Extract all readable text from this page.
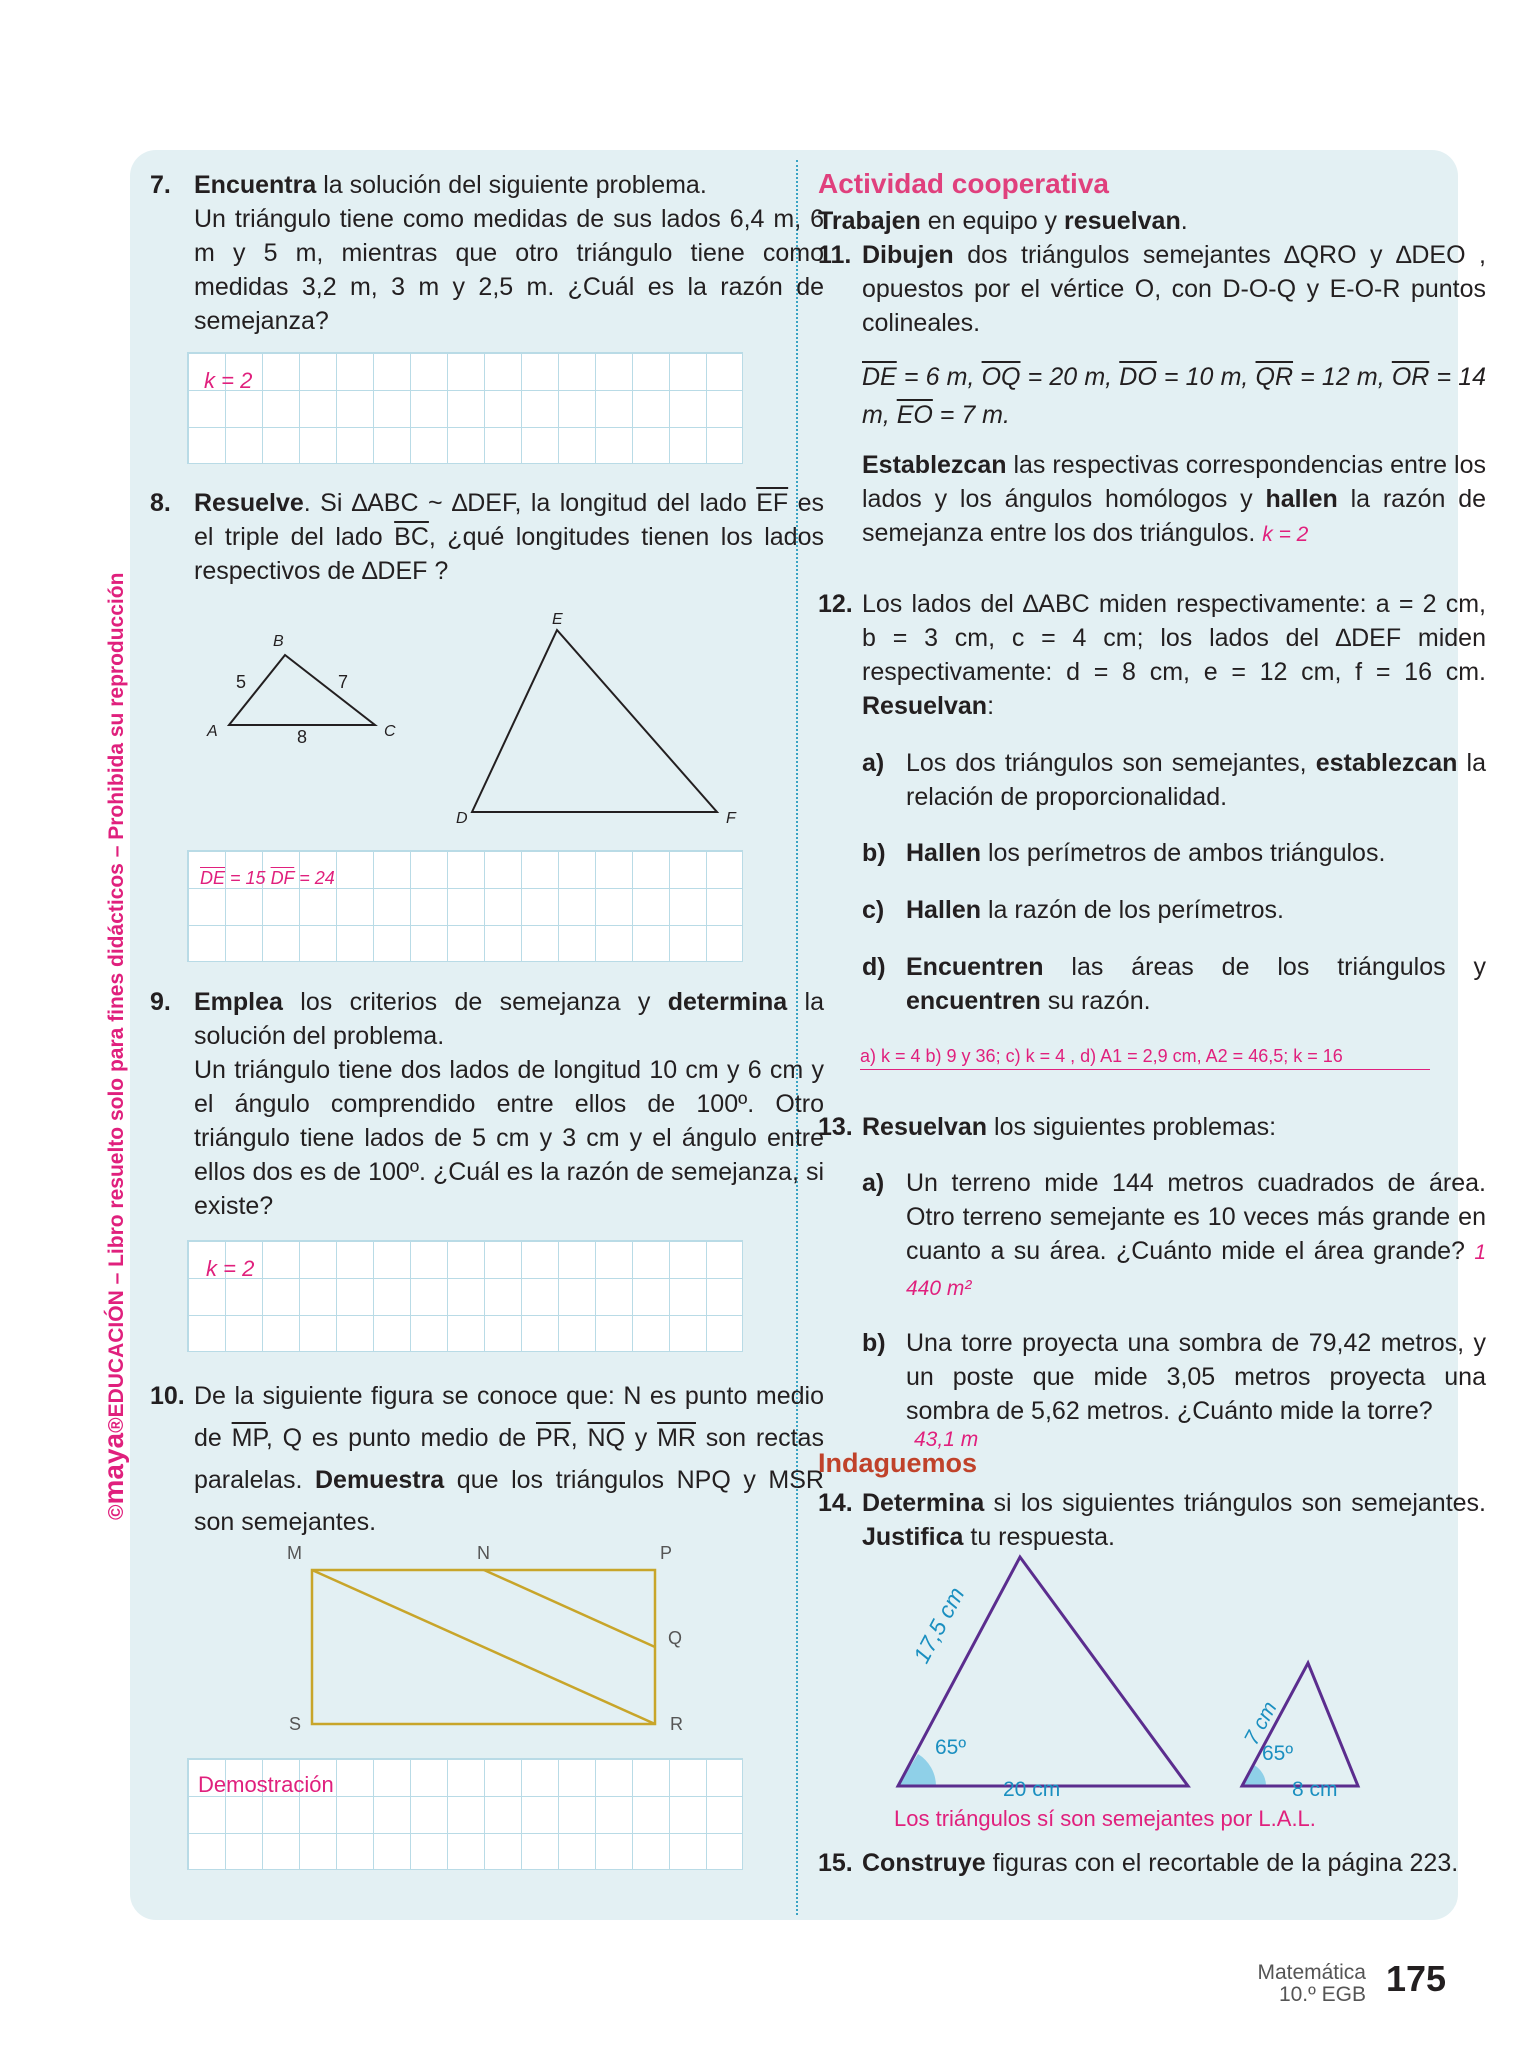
©maya®EDUCACIÓN – Libro resuelto solo para fines didácticos – Prohibida su reproducción
7. Encuentra la solución del siguiente problema.

Un triángulo tiene como medidas de sus lados 6,4 m, 6 m y 5 m, mientras que otro triángulo tiene como medidas 3,2 m, 3 m y 2,5 m. ¿Cuál es la razón de semejanza?

k = 2
8. Resuelve. Si ∆ABC ~ ∆DEF, la longitud del lado $\overline{EF}$ es el triple del lado $\overline{BC}$, ¿qué longitudes tienen los lados respectivos de ∆DEF ?

B
A	C
5	7
8
E
D	F
$\overline{DE} = 15$ $\overline{DF} = 24$
9. Emplea los criterios de semejanza y determina la solución del problema.

Un triángulo tiene dos lados de longitud 10 cm y 6 cm y el ángulo comprendido entre ellos de 100º. Otro triángulo tiene lados de 5 cm y 3 cm y el ángulo entre ellos dos es de 100º. ¿Cuál es la razón de semejanza, si existe?

k = 2
10. De la siguiente figura se conoce que: N es punto medio de $\overline{MP}$, Q es punto medio de $\overline{PR}$, $\overline{NQ}$ y $\overline{MR}$ son rectas paralelas. Demuestra que los triángulos NPQ y MSR son semejantes.

M	N	P
Q
S	R
Demostración
Actividad cooperativa

Trabajen en equipo y resuelvan.

11. Dibujen dos triángulos semejantes ∆QRO y ∆DEO , opuestos por el vértice O, con D-O-Q y E-O-R puntos colineales.

$\overline{DE} = 6$ m, $\overline{OQ} = 20$ m, $\overline{DO} = 10$ m, $\overline{QR} = 12$ m, $\overline{OR} = 14$ m, $\overline{EO} = 7$ m.

Establezcan las respectivas correspondencias entre los lados y los ángulos homólogos y hallen la razón de semejanza entre los dos triángulos. k = 2

12. Los lados del ∆ABC miden respectivamente: a = 2 cm, b = 3 cm, c = 4 cm; los lados del ∆DEF miden respectivamente: d = 8 cm, e = 12 cm, f = 16 cm. Resuelvan:

a) Los dos triángulos son semejantes, establezcan la relación de proporcionalidad.

b) Hallen los perímetros de ambos triángulos.

c) Hallen la razón de los perímetros.

d) Encuentren las áreas de los triángulos y encuentren su razón.

a) k = 4 b) 9 y 36; c) k = 4 , d) A1 = 2,9 cm, A2 = 46,5; k = 16
13. Resuelvan los siguientes problemas:

a) Un terreno mide 144 metros cuadrados de área. Otro terreno semejante es 10 veces más grande en cuanto a su área. ¿Cuánto mide el área grande? 1 440 m²

b) Una torre proyecta una sombra de 79,42 metros, y un poste que mide 3,05 metros proyecta una sombra de 5,62 metros. ¿Cuánto mide la torre?

43,1 m
Indaguemos
14. Determina si los siguientes triángulos son semejantes. Justifica tu respuesta.

17,5 cm
65º
20 cm
7 cm
65º
8 cm
Los triángulos sí son semejantes por L.A.L.
15. Construye figuras con el recortable de la página 223.

Matemática
10.º EGB 175
